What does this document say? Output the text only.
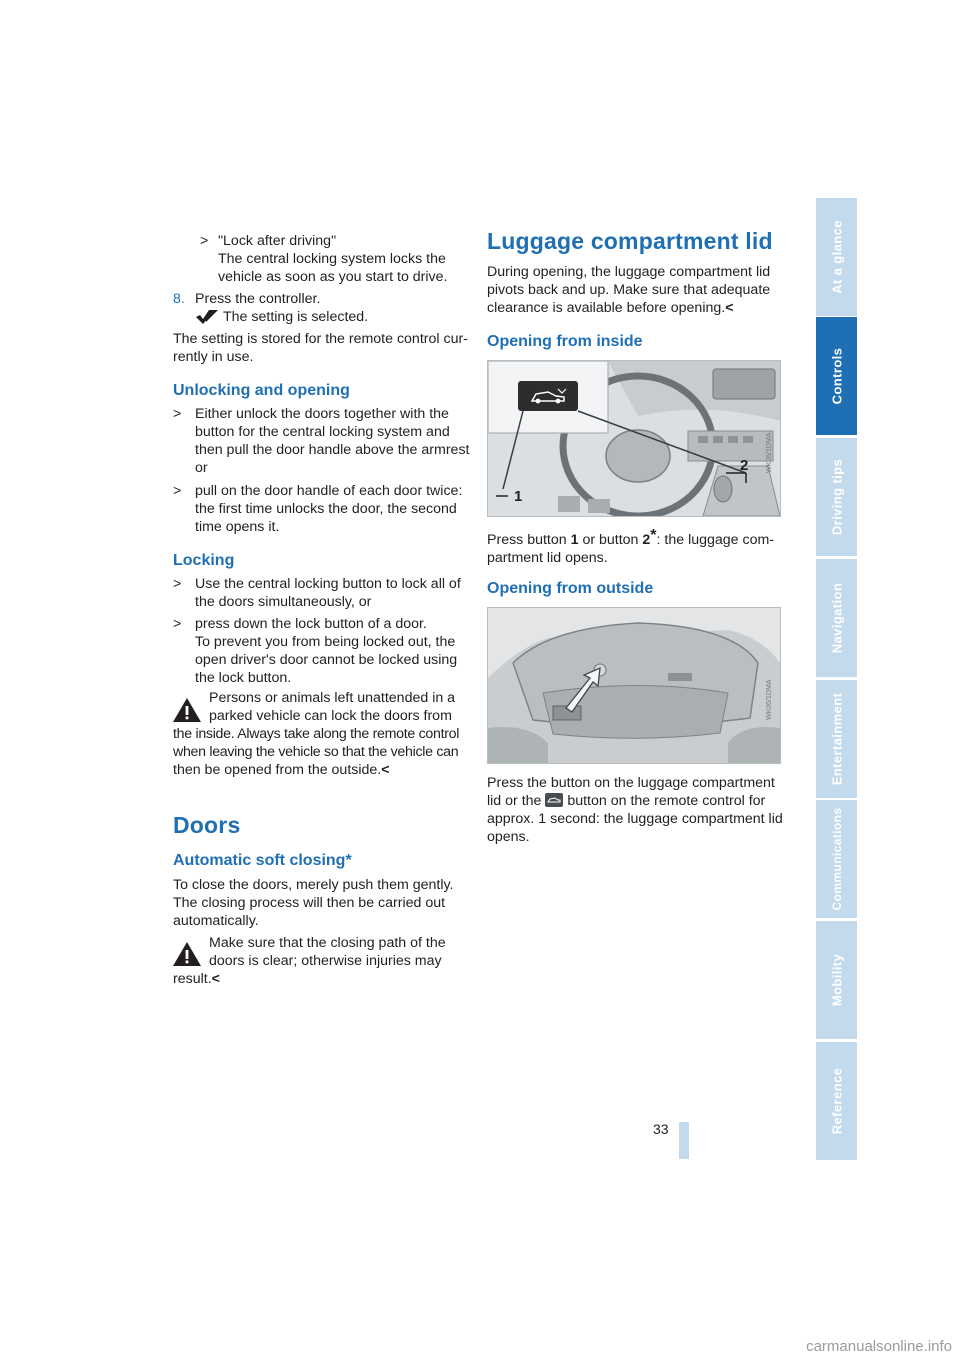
> "Lock after driving"
The central locking system locks the
vehicle as soon as you start to drive.
8. Press the controller.
The setting is selected.
The setting is stored for the remote control cur-
rently in use.
Unlocking and opening
> Either unlock the doors together with the
button for the central locking system and
then pull the door handle above the armrest
or
> pull on the door handle of each door twice:
the first time unlocks the door, the second
time opens it.
Locking
> Use the central locking button to lock all of
the doors simultaneously, or
> press down the lock button of a door.
To prevent you from being locked out, the
open driver's door cannot be locked using
the lock button.
Persons or animals left unattended in a
parked vehicle can lock the doors from
the inside. Always take along the remote control
when leaving the vehicle so that the vehicle can
then be opened from the outside.<
Doors
Automatic soft closing*
To close the doors, merely push them gently.
The closing process will then be carried out
automatically.
Make sure that the closing path of the
doors is clear; otherwise injuries may
result.<
Luggage compartment lid
During opening, the luggage compartment lid
pivots back and up. Make sure that adequate
clearance is available before opening.<
Opening from inside
1
2	WK06/1DMA
Press button 1 or button 2*: the luggage com-
partment lid opens.
Opening from outside
WK06/1DMA
Press the button on the luggage compartment
lid or the button on the remote control for
approx. 1 second: the luggage compartment lid
opens.
At a glance
Controls
Driving tips
Navigation
Entertainment
Communications
Mobility
Reference
33
carmanualsonline.info
